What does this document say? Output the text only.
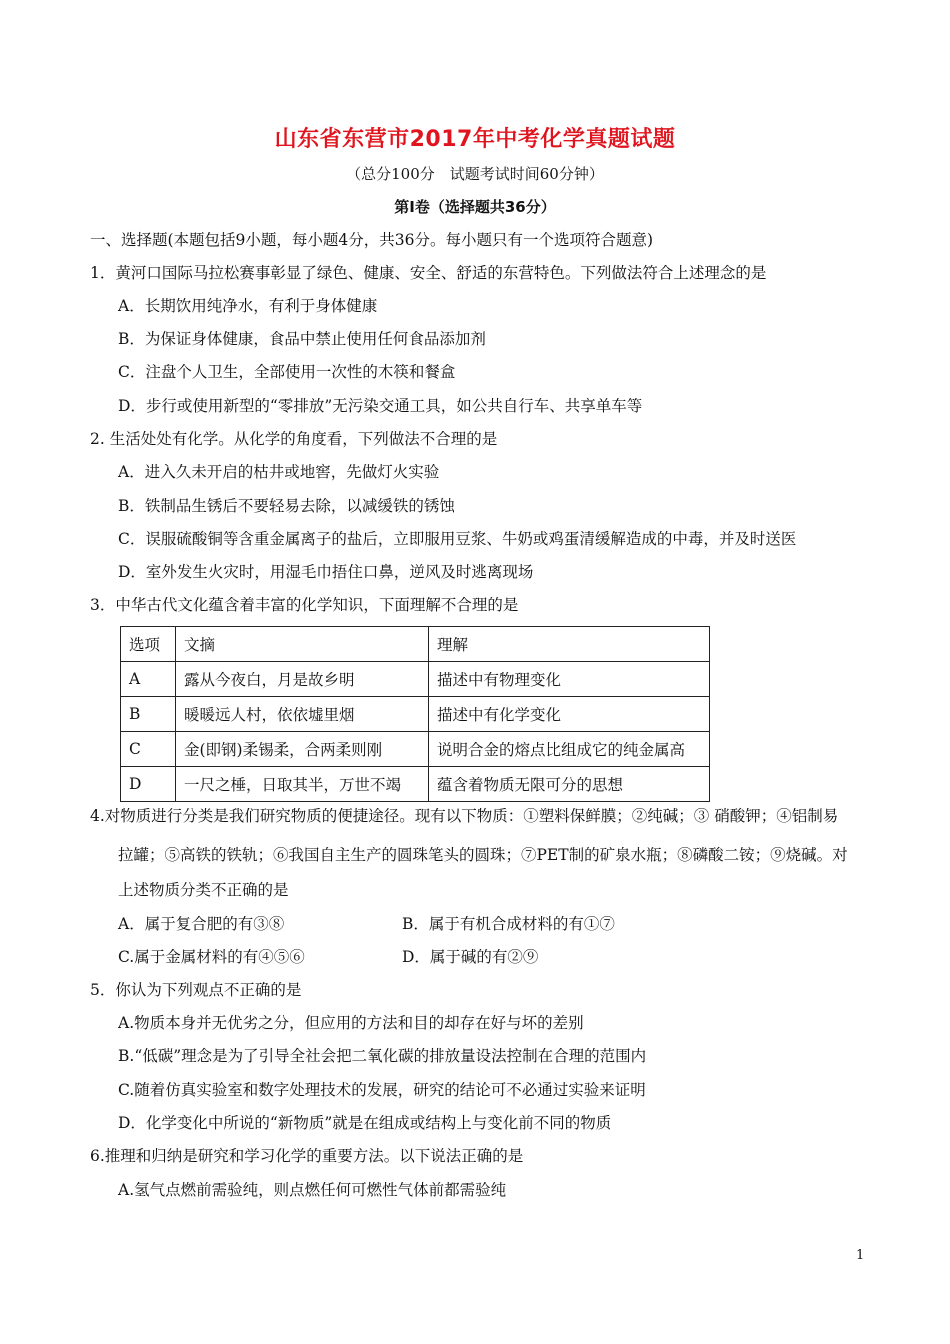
山东省东营市2017年中考化学真题试题
（总分100分　试题考试时间60分钟）
第Ⅰ卷（选择题共36分）
一、选择题(本题包括9小题，每小题4分，共36分。每小题只有一个选项符合题意)
1．黄河口国际马拉松赛事彰显了绿色、健康、安全、舒适的东营特色。下列做法符合上述理念的是
A．长期饮用纯净水，有利于身体健康
B．为保证身体健康，食品中禁止使用任何食品添加剂
C．注盘个人卫生，全部使用一次性的木筷和餐盒
D．步行或使用新型的“零排放”无污染交通工具，如公共自行车、共享单车等
2. 生活处处有化学。从化学的角度看，下列做法不合理的是
A．进入久未开启的枯井或地窖，先做灯火实验
B．铁制品生锈后不要轻易去除，以减缓铁的锈蚀
C．误服硫酸铜等含重金属离子的盐后，立即服用豆浆、牛奶或鸡蛋清缓解造成的中毒，并及时送医
D．室外发生火灾时，用湿毛巾捂住口鼻，逆风及时逃离现场
3．中华古代文化蕴含着丰富的化学知识，下面理解不合理的是
选项	文摘	理解
A	露从今夜白，月是故乡明	描述中有物理变化
B	暖暖远人村，依依墟里烟	描述中有化学变化
C	金(即钢)柔锡柔，合两柔则刚	说明合金的熔点比组成它的纯金属高
D	一尺之棰，日取其半，万世不竭	蕴含着物质无限可分的思想
4.对物质进行分类是我们研究物质的便捷途径。现有以下物质：①塑料保鲜膜；②纯碱；③ 硝酸钾；④铝制易
拉罐；⑤高铁的铁轨；⑥我国自主生产的圆珠笔头的圆珠；⑦PET制的矿泉水瓶；⑧磷酸二铵；⑨烧碱。对
上述物质分类不正确的是
A．属于复合肥的有③⑧	B．属于有机合成材料的有①⑦
C.属于金属材料的有④⑤⑥	D．属于碱的有②⑨
5．你认为下列观点不正确的是
A.物质本身并无优劣之分，但应用的方法和目的却存在好与坏的差别
B.“低碳”理念是为了引导全社会把二氧化碳的排放量设法控制在合理的范围内
C.随着仿真实验室和数字处理技术的发展，研究的结论可不必通过实验来证明
D．化学变化中所说的“新物质”就是在组成或结构上与变化前不同的物质
6.推理和归纳是研究和学习化学的重要方法。以下说法正确的是
A.氢气点燃前需验纯，则点燃任何可燃性气体前都需验纯
1
